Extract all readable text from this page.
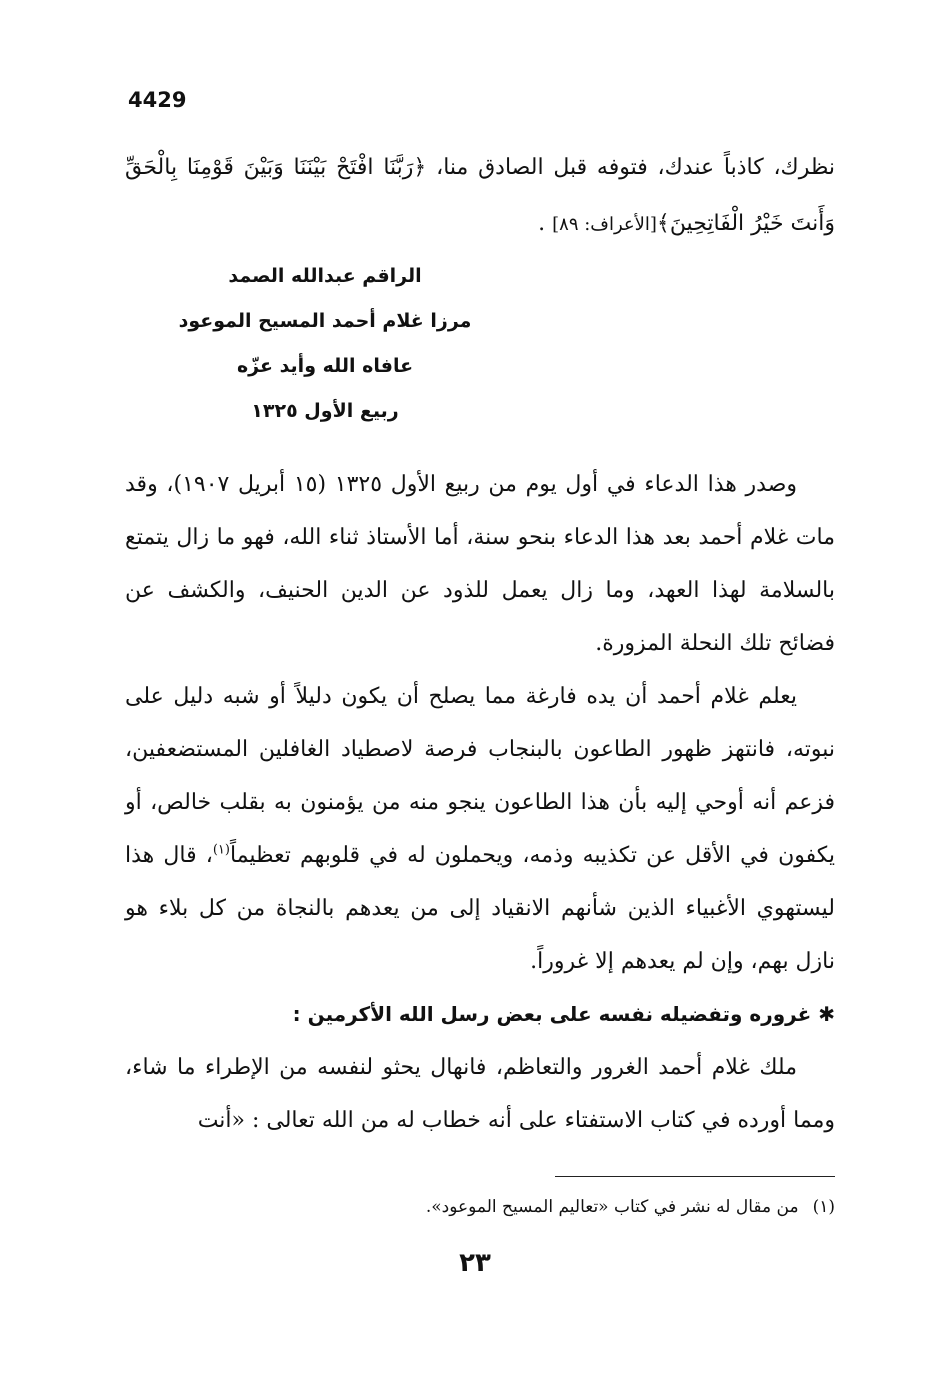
4429
نظرك، كاذباً عندك، فتوفه قبل الصادق منا، ﴿رَبَّنَا افْتَحْ بَيْنَنَا وَبَيْنَ قَوْمِنَا بِالْحَقِّ وَأَنتَ خَيْرُ الْفَاتِحِينَ﴾[الأعراف: ٨٩] .
الراقم عبدالله الصمد
مرزا غلام أحمد المسيح الموعود
عافاه الله وأيد عزّه
ربيع الأول ١٣٢٥

وصدر هذا الدعاء في أول يوم من ربيع الأول ١٣٢٥ (١٥ أبريل ١٩٠٧)، وقد مات غلام أحمد بعد هذا الدعاء بنحو سنة، أما الأستاذ ثناء الله، فهو ما زال يتمتع بالسلامة لهذا العهد، وما زال يعمل للذود عن الدين الحنيف، والكشف عن فضائح تلك النحلة المزورة.

يعلم غلام أحمد أن يده فارغة مما يصلح أن يكون دليلاً أو شبه دليل على نبوته، فانتهز ظهور الطاعون بالبنجاب فرصة لاصطياد الغافلين المستضعفين، فزعم أنه أوحي إليه بأن هذا الطاعون ينجو منه من يؤمنون به بقلب خالص، أو يكفون في الأقل عن تكذيبه وذمه، ويحملون له في قلوبهم تعظيماً$^{(١)}$، قال هذا ليستهوي الأغبياء الذين شأنهم الانقياد إلى من يعدهم بالنجاة من كل بلاء هو نازل بهم، وإن لم يعدهم إلا غروراً.

✱ غروره وتفضيله نفسه على بعض رسل الله الأكرمين :

ملك غلام أحمد الغرور والتعاظم، فانهال يحثو لنفسه من الإطراء ما شاء، ومما أورده في كتاب الاستفتاء على أنه خطاب له من الله تعالى : «أنت

(١)من مقال له نشر في كتاب «تعاليم المسيح الموعود».
٢٣
